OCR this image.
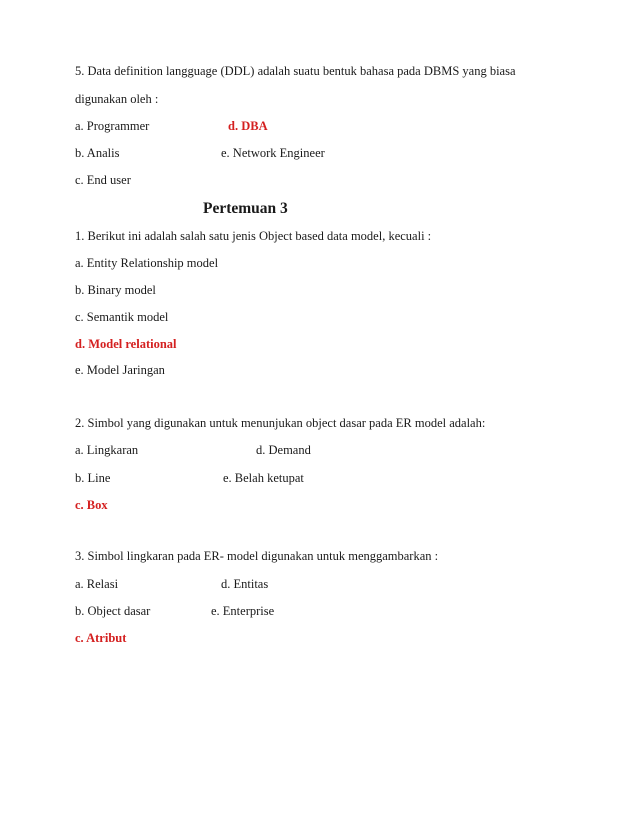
5. Data definition langguage (DDL) adalah suatu bentuk bahasa pada DBMS yang biasa
digunakan oleh :
a. Programmer	d. DBA
b. Analis	e. Network Engineer
c. End user
Pertemuan 3
1. Berikut ini adalah salah satu jenis Object based data model, kecuali :
a. Entity Relationship model
b. Binary model
c. Semantik model
d. Model relational
e. Model Jaringan
2. Simbol yang digunakan untuk menunjukan object dasar pada ER model adalah:
a. Lingkaran	d. Demand
b. Line	e. Belah ketupat
c. Box
3. Simbol lingkaran pada ER- model digunakan untuk menggambarkan :
a. Relasi	d. Entitas
b. Object dasar	e. Enterprise
c. Atribut
